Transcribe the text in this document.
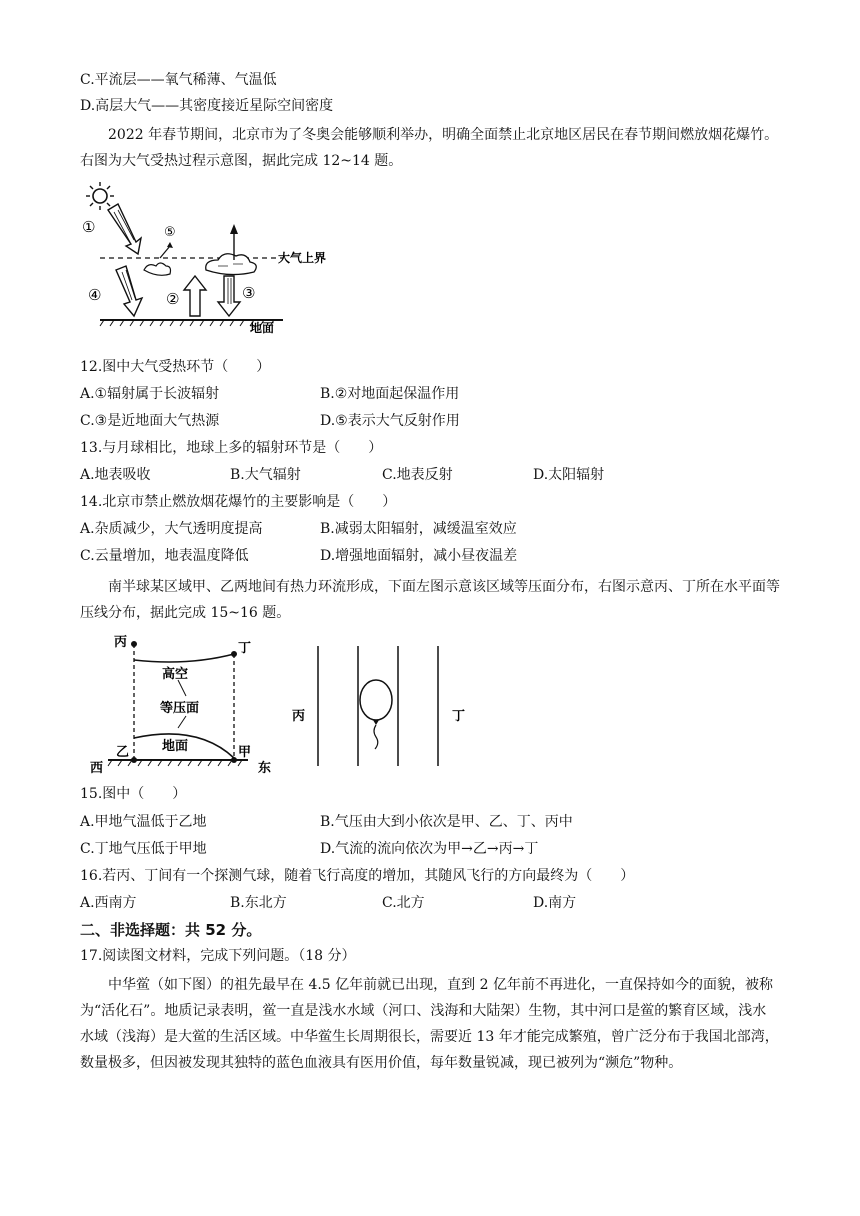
C.平流层——氧气稀薄、气温低
D.高层大气——其密度接近星际空间密度
2022 年春节期间，北京市为了冬奥会能够顺利举办，明确全面禁止北京地区居民在春节期间燃放烟花爆竹。右图为大气受热过程示意图，据此完成 12~14 题。
①
大气上界
⑤
④	②	③
地面
12.图中大气受热环节（　　）
A.①辐射属于长波辐射	B.②对地面起保温作用
C.③是近地面大气热源	D.⑤表示大气反射作用
13.与月球相比，地球上多的辐射环节是（　　）
A.地表吸收	B.大气辐射	C.地表反射	D.太阳辐射
14.北京市禁止燃放烟花爆竹的主要影响是（　　）
A.杂质减少，大气透明度提高	B.减弱太阳辐射，减缓温室效应
C.云量增加，地表温度降低	D.增强地面辐射，减小昼夜温差
南半球某区域甲、乙两地间有热力环流形成，下面左图示意该区域等压面分布，右图示意丙、丁所在水平面等压线分布，据此完成 15~16 题。
丙	丁
高空
等压面
地面
西
乙	甲
东
丙	丁
15.图中（　　）
A.甲地气温低于乙地	B.气压由大到小依次是甲、乙、丁、丙中
C.丁地气压低于甲地	D.气流的流向依次为甲→乙→丙→丁
16.若丙、丁间有一个探测气球，随着飞行高度的增加，其随风飞行的方向最终为（　　）
A.西南方	B.东北方	C.北方	D.南方
二、非选择题：共 52 分。
17.阅读图文材料，完成下列问题。（18 分）
中华鲎（如下图）的祖先最早在 4.5 亿年前就已出现，直到 2 亿年前不再进化，一直保持如今的面貌，被称为“活化石”。地质记录表明，鲎一直是浅水水域（河口、浅海和大陆架）生物，其中河口是鲎的繁育区域，浅水水域（浅海）是大鲎的生活区域。中华鲎生长周期很长，需要近 13 年才能完成繁殖，曾广泛分布于我国北部湾，数量极多，但因被发现其独特的蓝色血液具有医用价值，每年数量锐减，现已被列为“濒危”物种。
